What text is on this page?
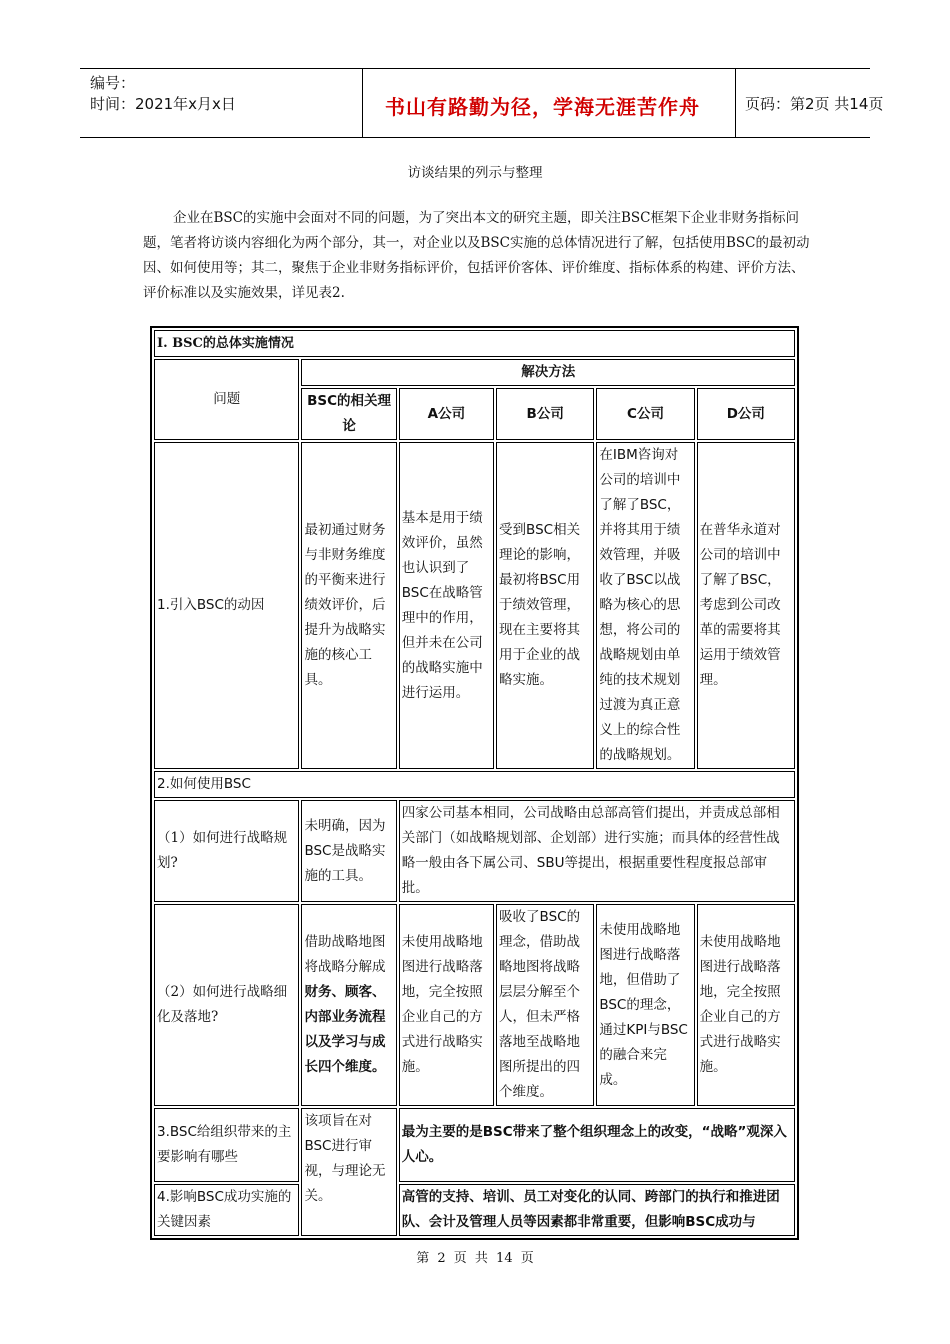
编号：
时间：2021年x月x日	书山有路勤为径，学海无涯苦作舟	页码：第2页 共14页
访谈结果的列示与整理

企业在BSC的实施中会面对不同的问题，为了突出本文的研究主题，即关注BSC框架下企业非财务指标问题，笔者将访谈内容细化为两个部分，其一，对企业以及BSC实施的总体情况进行了解，包括使用BSC的最初动因、如何使用等；其二，聚焦于企业非财务指标评价，包括评价客体、评价维度、指标体系的构建、评价方法、评价标准以及实施效果，详见表2.

Ⅰ. BSC的总体实施情况					
问题	解决方法				
	BSC的相关理论	A公司	B公司	C公司	D公司
1.引入BSC的动因	最初通过财务与非财务维度的平衡来进行绩效评价，后提升为战略实施的核心工具。	基本是用于绩效评价，虽然也认识到了BSC在战略管理中的作用，但并未在公司的战略实施中进行运用。	受到BSC相关理论的影响，最初将BSC用于绩效管理，现在主要将其用于企业的战略实施。	在IBM咨询对公司的培训中了解了BSC，并将其用于绩效管理，并吸收了BSC以战略为核心的思想，将公司的战略规划由单纯的技术规划过渡为真正意义上的综合性的战略规划。	在普华永道对公司的培训中了解了BSC，考虑到公司改革的需要将其运用于绩效管理。
2.如何使用BSC					
（1）如何进行战略规划?	未明确，因为BSC是战略实施的工具。	四家公司基本相同，公司战略由总部高管们提出，并责成总部相关部门（如战略规划部、企划部）进行实施；而具体的经营性战略一般由各下属公司、SBU等提出，根据重要性程度报总部审批。			
（2）如何进行战略细化及落地?	借助战略地图将战略分解成财务、顾客、内部业务流程以及学习与成长四个维度。	未使用战略地图进行战略落地，完全按照企业自己的方式进行战略实施。	吸收了BSC的理念，借助战略地图将战略层层分解至个人，但未严格落地至战略地图所提出的四个维度。	未使用战略地图进行战略落地，但借助了BSC的理念，通过KPI与BSC的融合来完成。	未使用战略地图进行战略落地，完全按照企业自己的方式进行战略实施。
3.BSC给组织带来的主要影响有哪些	该项旨在对BSC进行审视，与理论无关。	最为主要的是BSC带来了整个组织理念上的改变，“战略”观深入人心。			
4.影响BSC成功实施的关键因素		高管的支持、培训、员工对变化的认同、跨部门的执行和推进团队、会计及管理人员等因素都非常重要，但影响BSC成功与			
第 2 页 共 14 页
